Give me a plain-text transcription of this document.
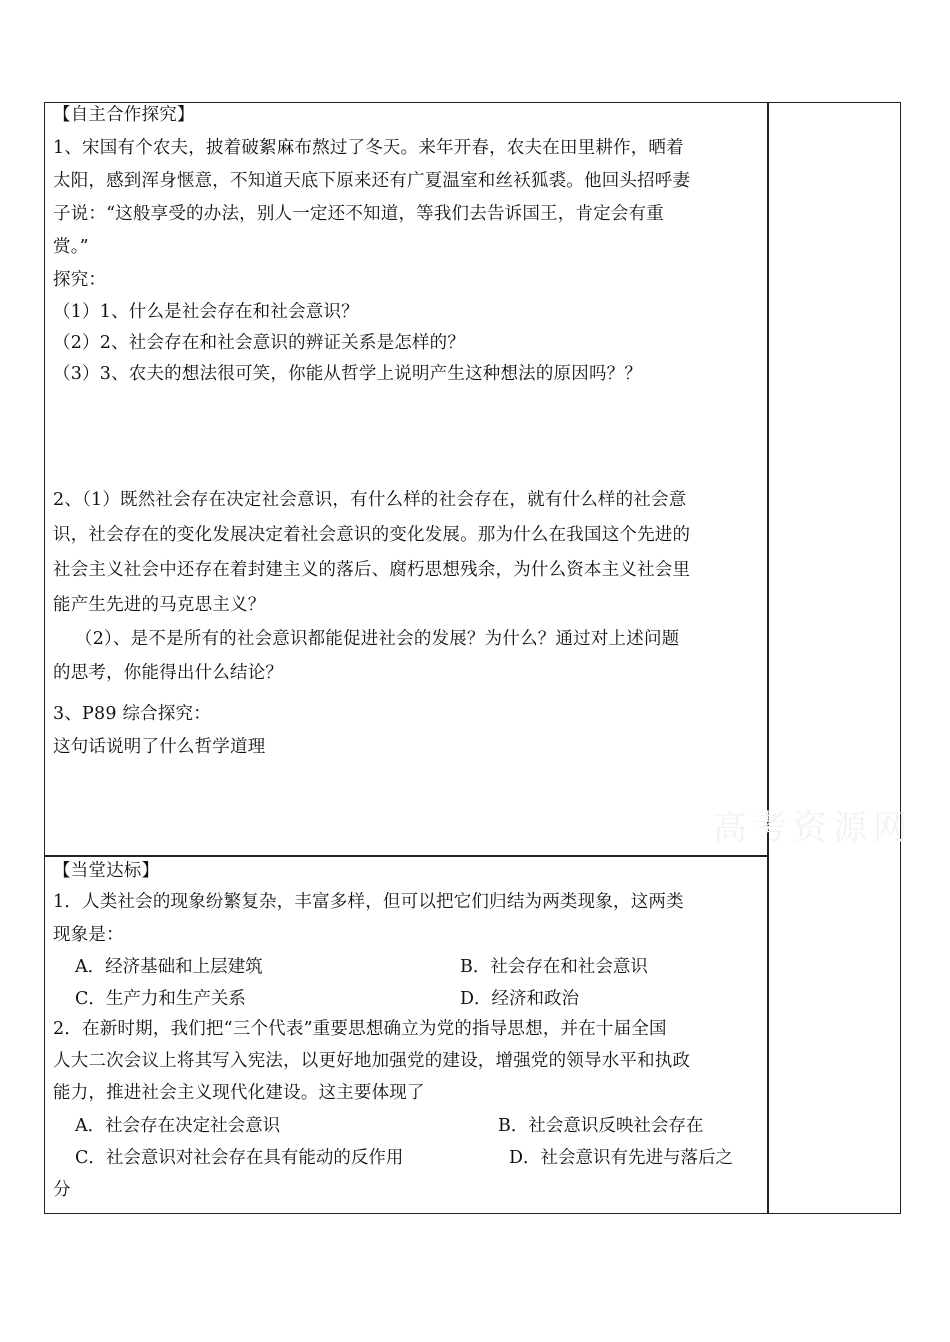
【自主合作探究】
1、宋国有个农夫，披着破絮麻布熬过了冬天。来年开春，农夫在田里耕作，晒着
太阳，感到浑身惬意，不知道天底下原来还有广夏温室和丝袄狐裘。他回头招呼妻
子说：“这般享受的办法，别人一定还不知道，等我们去告诉国王，肯定会有重
赏。”
探究：
（1）1、什么是社会存在和社会意识？
（2）2、社会存在和社会意识的辨证关系是怎样的？
（3）3、农夫的想法很可笑，你能从哲学上说明产生这种想法的原因吗？？
2、（1）既然社会存在决定社会意识，有什么样的社会存在，就有什么样的社会意
识，社会存在的变化发展决定着社会意识的变化发展。那为什么在我国这个先进的
社会主义社会中还存在着封建主义的落后、腐朽思想残余，为什么资本主义社会里
能产生先进的马克思主义？
（2）、是不是所有的社会意识都能促进社会的发展？为什么？通过对上述问题
的思考，你能得出什么结论？
3、P89 综合探究：
这句话说明了什么哲学道理
【当堂达标】
1．人类社会的现象纷繁复杂，丰富多样，但可以把它们归结为两类现象，这两类
现象是：
A．经济基础和上层建筑	B．社会存在和社会意识
C．生产力和生产关系	D．经济和政治
2．在新时期，我们把“三个代表”重要思想确立为党的指导思想，并在十届全国
人大二次会议上将其写入宪法，以更好地加强党的建设，增强党的领导水平和执政
能力，推进社会主义现代化建设。这主要体现了
A．社会存在决定社会意识	B．社会意识反映社会存在
C．社会意识对社会存在具有能动的反作用	D．社会意识有先进与落后之
分
高考资源网
